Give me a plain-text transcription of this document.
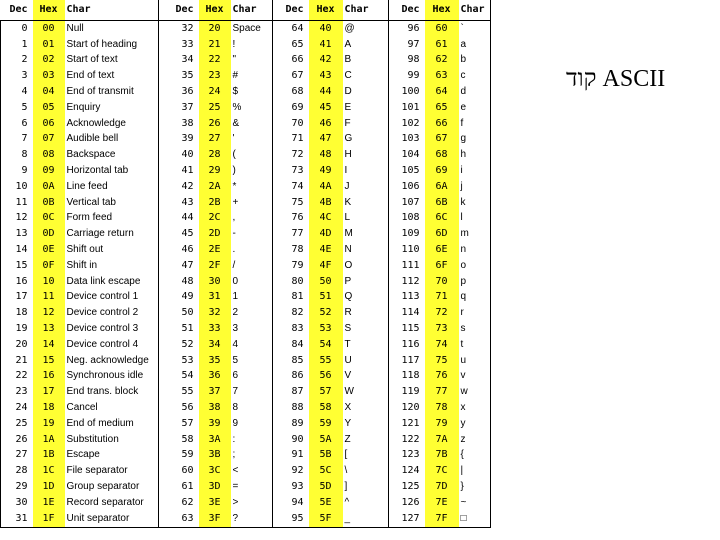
Dec	Hex	Char	Dec	Hex	Char	Dec	Hex	Char	Dec	Hex	Char
0	00	Null	32	20	Space	64	40	@	96	60	`
1	01	Start of heading	33	21	!	65	41	A	97	61	a
2	02	Start of text	34	22	"	66	42	B	98	62	b
3	03	End of text	35	23	#	67	43	C	99	63	c
4	04	End of transmit	36	24	$	68	44	D	100	64	d
5	05	Enquiry	37	25	%	69	45	E	101	65	e
6	06	Acknowledge	38	26	&	70	46	F	102	66	f
7	07	Audible bell	39	27	'	71	47	G	103	67	g
8	08	Backspace	40	28	(	72	48	H	104	68	h
9	09	Horizontal tab	41	29	)	73	49	I	105	69	i
10	0A	Line feed	42	2A	*	74	4A	J	106	6A	j
11	0B	Vertical tab	43	2B	+	75	4B	K	107	6B	k
12	0C	Form feed	44	2C	,	76	4C	L	108	6C	l
13	0D	Carriage return	45	2D	-	77	4D	M	109	6D	m
14	0E	Shift out	46	2E	.	78	4E	N	110	6E	n
15	0F	Shift in	47	2F	/	79	4F	O	111	6F	o
16	10	Data link escape	48	30	0	80	50	P	112	70	p
17	11	Device control 1	49	31	1	81	51	Q	113	71	q
18	12	Device control 2	50	32	2	82	52	R	114	72	r
19	13	Device control 3	51	33	3	83	53	S	115	73	s
20	14	Device control 4	52	34	4	84	54	T	116	74	t
21	15	Neg. acknowledge	53	35	5	85	55	U	117	75	u
22	16	Synchronous idle	54	36	6	86	56	V	118	76	v
23	17	End trans. block	55	37	7	87	57	W	119	77	w
24	18	Cancel	56	38	8	88	58	X	120	78	x
25	19	End of medium	57	39	9	89	59	Y	121	79	y
26	1A	Substitution	58	3A	:	90	5A	Z	122	7A	z
27	1B	Escape	59	3B	;	91	5B	[	123	7B	{
28	1C	File separator	60	3C	<	92	5C	\	124	7C	|
29	1D	Group separator	61	3D	=	93	5D	]	125	7D	}
30	1E	Record separator	62	3E	>	94	5E	^	126	7E	~
31	1F	Unit separator	63	3F	?	95	5F	_	127	7F	□
ASCII קוד
